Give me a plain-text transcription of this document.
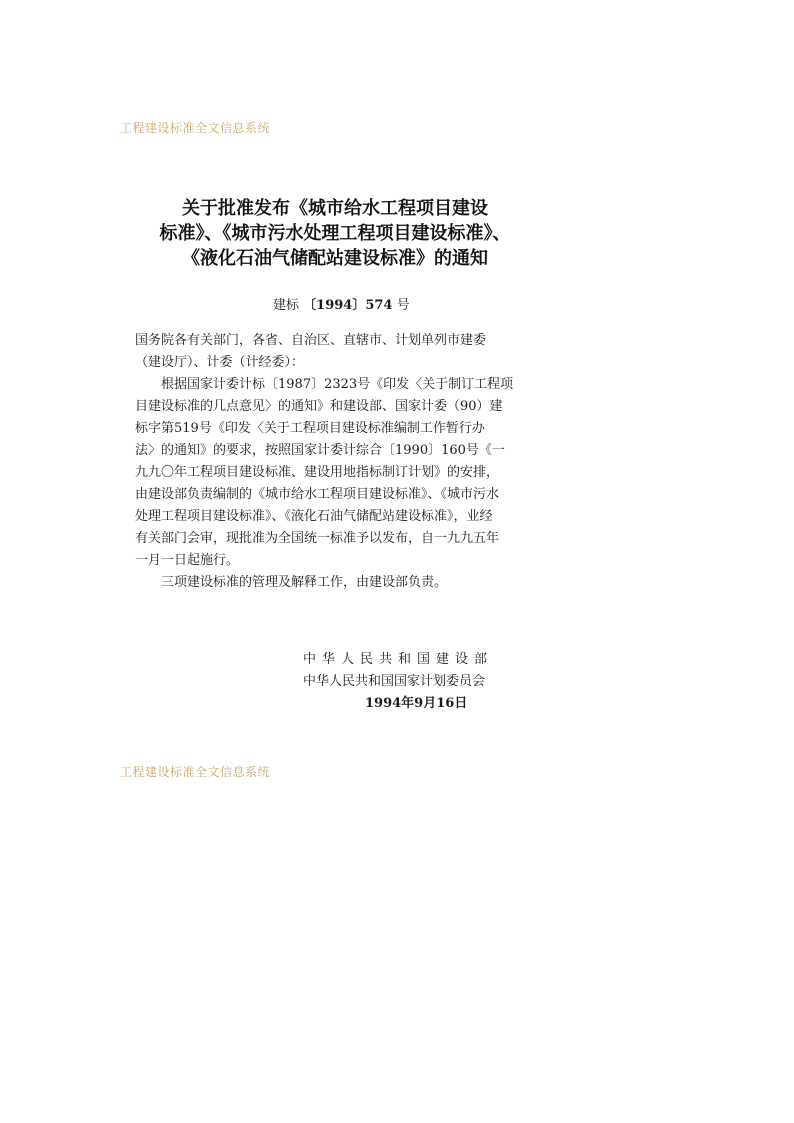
工程建设标准全文信息系统
关于批准发布《城市给水工程项目建设
标准》、《城市污水处理工程项目建设标准》、
《液化石油气储配站建设标准》的通知
建标 〔1994〕574 号
国务院各有关部门，各省、自治区、直辖市、计划单列市建委
（建设厅）、计委（计经委）：
根据国家计委计标〔1987〕2323号《印发〈关于制订工程项
目建设标准的几点意见〉的通知》和建设部、国家计委（90）建
标字第519号《印发〈关于工程项目建设标准编制工作暂行办
法〉的通知》的要求，按照国家计委计综合〔1990〕160号《一
九九〇年工程项目建设标准、建设用地指标制订计划》的安排，
由建设部负责编制的《城市给水工程项目建设标准》、《城市污水
处理工程项目建设标准》、《液化石油气储配站建设标准》，业经
有关部门会审，现批准为全国统一标准予以发布，自一九九五年
一月一日起施行。
三项建设标准的管理及解释工作，由建设部负责。
中华人民共和国建设部
中华人民共和国国家计划委员会
1994年9月16日
工程建设标准全文信息系统
